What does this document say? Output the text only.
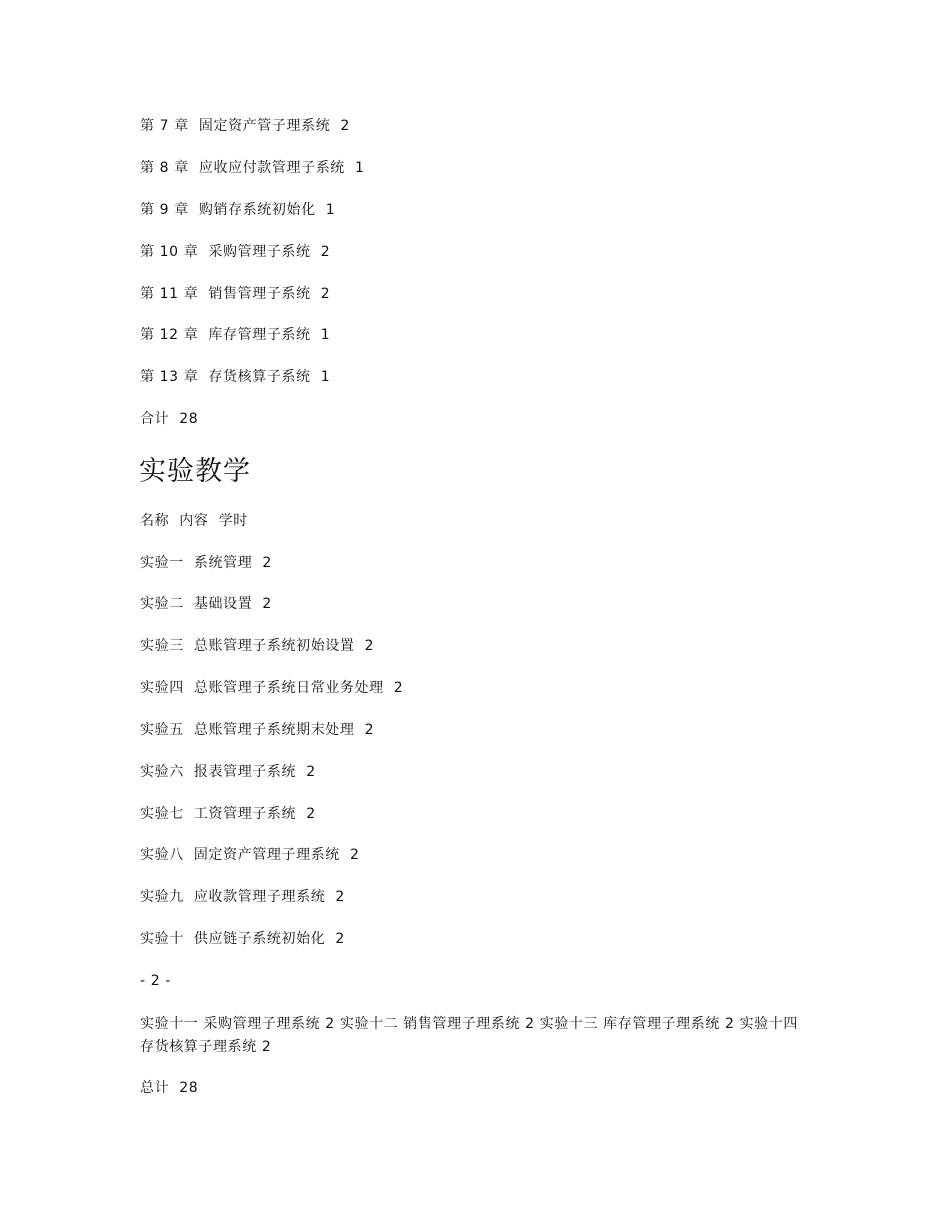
第 7 章  固定资产管子理系统  2
第 8 章  应收应付款管理子系统  1
第 9 章  购销存系统初始化  1
第 10 章  采购管理子系统  2
第 11 章  销售管理子系统  2
第 12 章  库存管理子系统  1
第 13 章  存货核算子系统  1
合计  28
实验教学
名称  内容  学时
实验一  系统管理  2
实验二  基础设置  2
实验三  总账管理子系统初始设置  2
实验四  总账管理子系统日常业务处理  2
实验五  总账管理子系统期末处理  2
实验六  报表管理子系统  2
实验七  工资管理子系统  2
实验八  固定资产管理子理系统  2
实验九  应收款管理子理系统  2
实验十  供应链子系统初始化  2
- 2 -
实验十一 采购管理子理系统 2 实验十二 销售管理子理系统 2 实验十三 库存管理子理系统 2 实验十四 存货核算子理系统 2
总计  28
